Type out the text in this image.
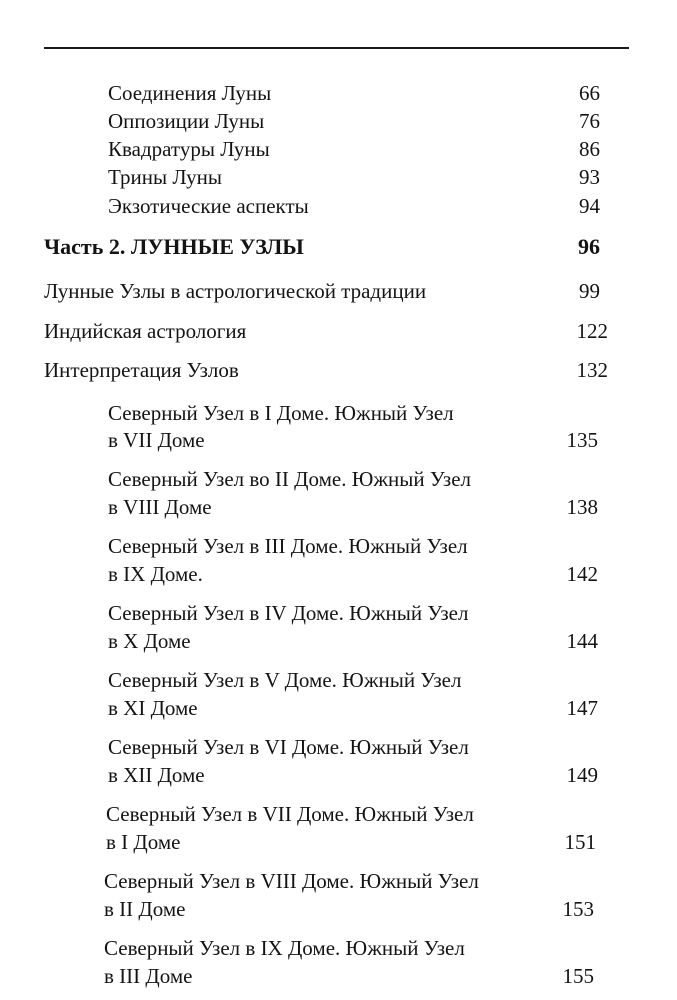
Соединения Луны	66
Оппозиции Луны	76
Квадратуры Луны	86
Трины Луны	93
Экзотические аспекты	94
Часть 2. ЛУННЫЕ УЗЛЫ	96
Лунные Узлы в астрологической традиции	99
Индийская астрология	122
Интерпретация Узлов	132
Северный Узел в I Доме. Южный Узел
в VII Доме	135
Северный Узел во II Доме. Южный Узел
в VIII Доме	138
Северный Узел в III Доме. Южный Узел
в IX Доме.	142
Северный Узел в IV Доме. Южный Узел
в X Доме	144
Северный Узел в V Доме. Южный Узел
в XI Доме	147
Северный Узел в VI Доме. Южный Узел
в XII Доме	149
Северный Узел в VII Доме. Южный Узел
в I Доме	151
Северный Узел в VIII Доме. Южный Узел
в II Доме	153
Северный Узел в IX Доме. Южный Узел
в III Доме	155
